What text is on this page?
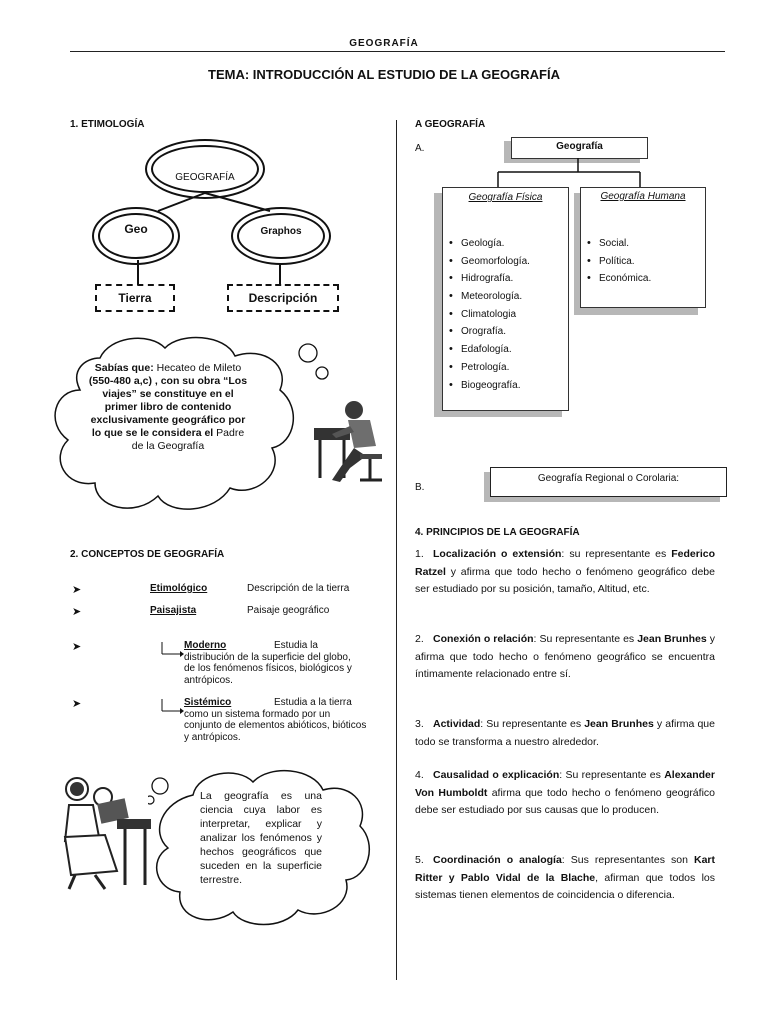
GEOGRAFÍA
TEMA: INTRODUCCIÓN AL ESTUDIO DE LA GEOGRAFÍA
1. ETIMOLOGÍA
GEOGRAFÍA
Geo	Graphos
Tierra	Descripción
Sabías que: Hecateo de Mileto (550-480 a,c) , con su obra “Los viajes” se constituye en el primer libro de contenido exclusivamente geográfico por lo que se le considera el Padre de la Geografía
2. CONCEPTOS DE GEOGRAFÍA
➤	Etimológico	Descripción de la tierra
➤	Paisajista	Paisaje geográfico
➤	Moderno	Estudia la distribución de la superficie del globo, de los fenómenos físicos, biológicos y antrópicos.
➤	Sistémico	Estudia a la tierra como un sistema formado por un conjunto de elementos abióticos, bióticos y antrópicos.
La geografía es una ciencia cuya labor es interpretar, explicar y analizar los fenómenos y hechos geográficos que suceden en la superficie terrestre.
A GEOGRAFÍA
A.	Geografía
Geografía Física
• Geología.
• Geomorfología.
• Hidrografía.
• Meteorología.
• Climatologia
• Orografía.
• Edafología.
• Petrología.
• Biogeografía.
Geografía Humana
• Social.
• Política.
• Económica.
B.
Geografía Regional o Corolaria:
4. PRINCIPIOS DE LA GEOGRAFÍA
1. Localización o extensión: su representante es Federico Ratzel y afirma que todo hecho o fenómeno geográfico debe ser estudiado por su posición, tamaño, Altitud, etc.
2. Conexión o relación: Su representante es Jean Brunhes y afirma que todo hecho o fenómeno geográfico se encuentra íntimamente relacionado entre sí.
3. Actividad: Su representante es Jean Brunhes y afirma que todo se transforma a nuestro alrededor.
4. Causalidad o explicación: Su representante es Alexander Von Humboldt afirma que todo hecho o fenómeno geográfico debe ser estudiado por sus causas que lo producen.
5. Coordinación o analogía: Sus representantes son Kart Ritter y Pablo Vidal de la Blache, afirman que todos los sistemas tienen elementos de coincidencia o diferencia.
